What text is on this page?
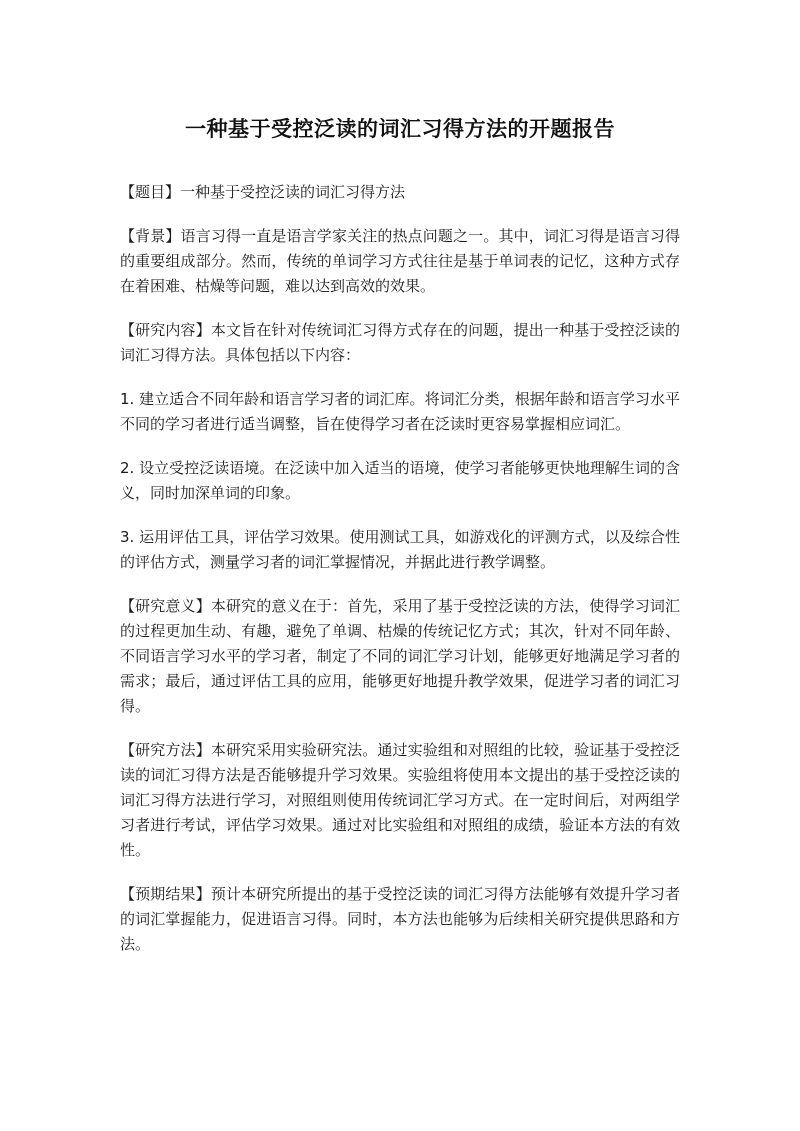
一种基于受控泛读的词汇习得方法的开题报告

【题目】一种基于受控泛读的词汇习得方法

【背景】语言习得一直是语言学家关注的热点问题之一。其中，词汇习得是语言习得的重要组成部分。然而，传统的单词学习方式往往是基于单词表的记忆，这种方式存在着困难、枯燥等问题，难以达到高效的效果。

【研究内容】本文旨在针对传统词汇习得方式存在的问题，提出一种基于受控泛读的词汇习得方法。具体包括以下内容：

1. 建立适合不同年龄和语言学习者的词汇库。将词汇分类，根据年龄和语言学习水平不同的学习者进行适当调整，旨在使得学习者在泛读时更容易掌握相应词汇。

2. 设立受控泛读语境。在泛读中加入适当的语境，使学习者能够更快地理解生词的含义，同时加深单词的印象。

3. 运用评估工具，评估学习效果。使用测试工具，如游戏化的评测方式，以及综合性的评估方式，测量学习者的词汇掌握情况，并据此进行教学调整。

【研究意义】本研究的意义在于：首先，采用了基于受控泛读的方法，使得学习词汇的过程更加生动、有趣，避免了单调、枯燥的传统记忆方式；其次，针对不同年龄、不同语言学习水平的学习者，制定了不同的词汇学习计划，能够更好地满足学习者的需求；最后，通过评估工具的应用，能够更好地提升教学效果，促进学习者的词汇习得。

【研究方法】本研究采用实验研究法。通过实验组和对照组的比较，验证基于受控泛读的词汇习得方法是否能够提升学习效果。实验组将使用本文提出的基于受控泛读的词汇习得方法进行学习，对照组则使用传统词汇学习方式。在一定时间后，对两组学习者进行考试，评估学习效果。通过对比实验组和对照组的成绩，验证本方法的有效性。

【预期结果】预计本研究所提出的基于受控泛读的词汇习得方法能够有效提升学习者的词汇掌握能力，促进语言习得。同时，本方法也能够为后续相关研究提供思路和方法。
